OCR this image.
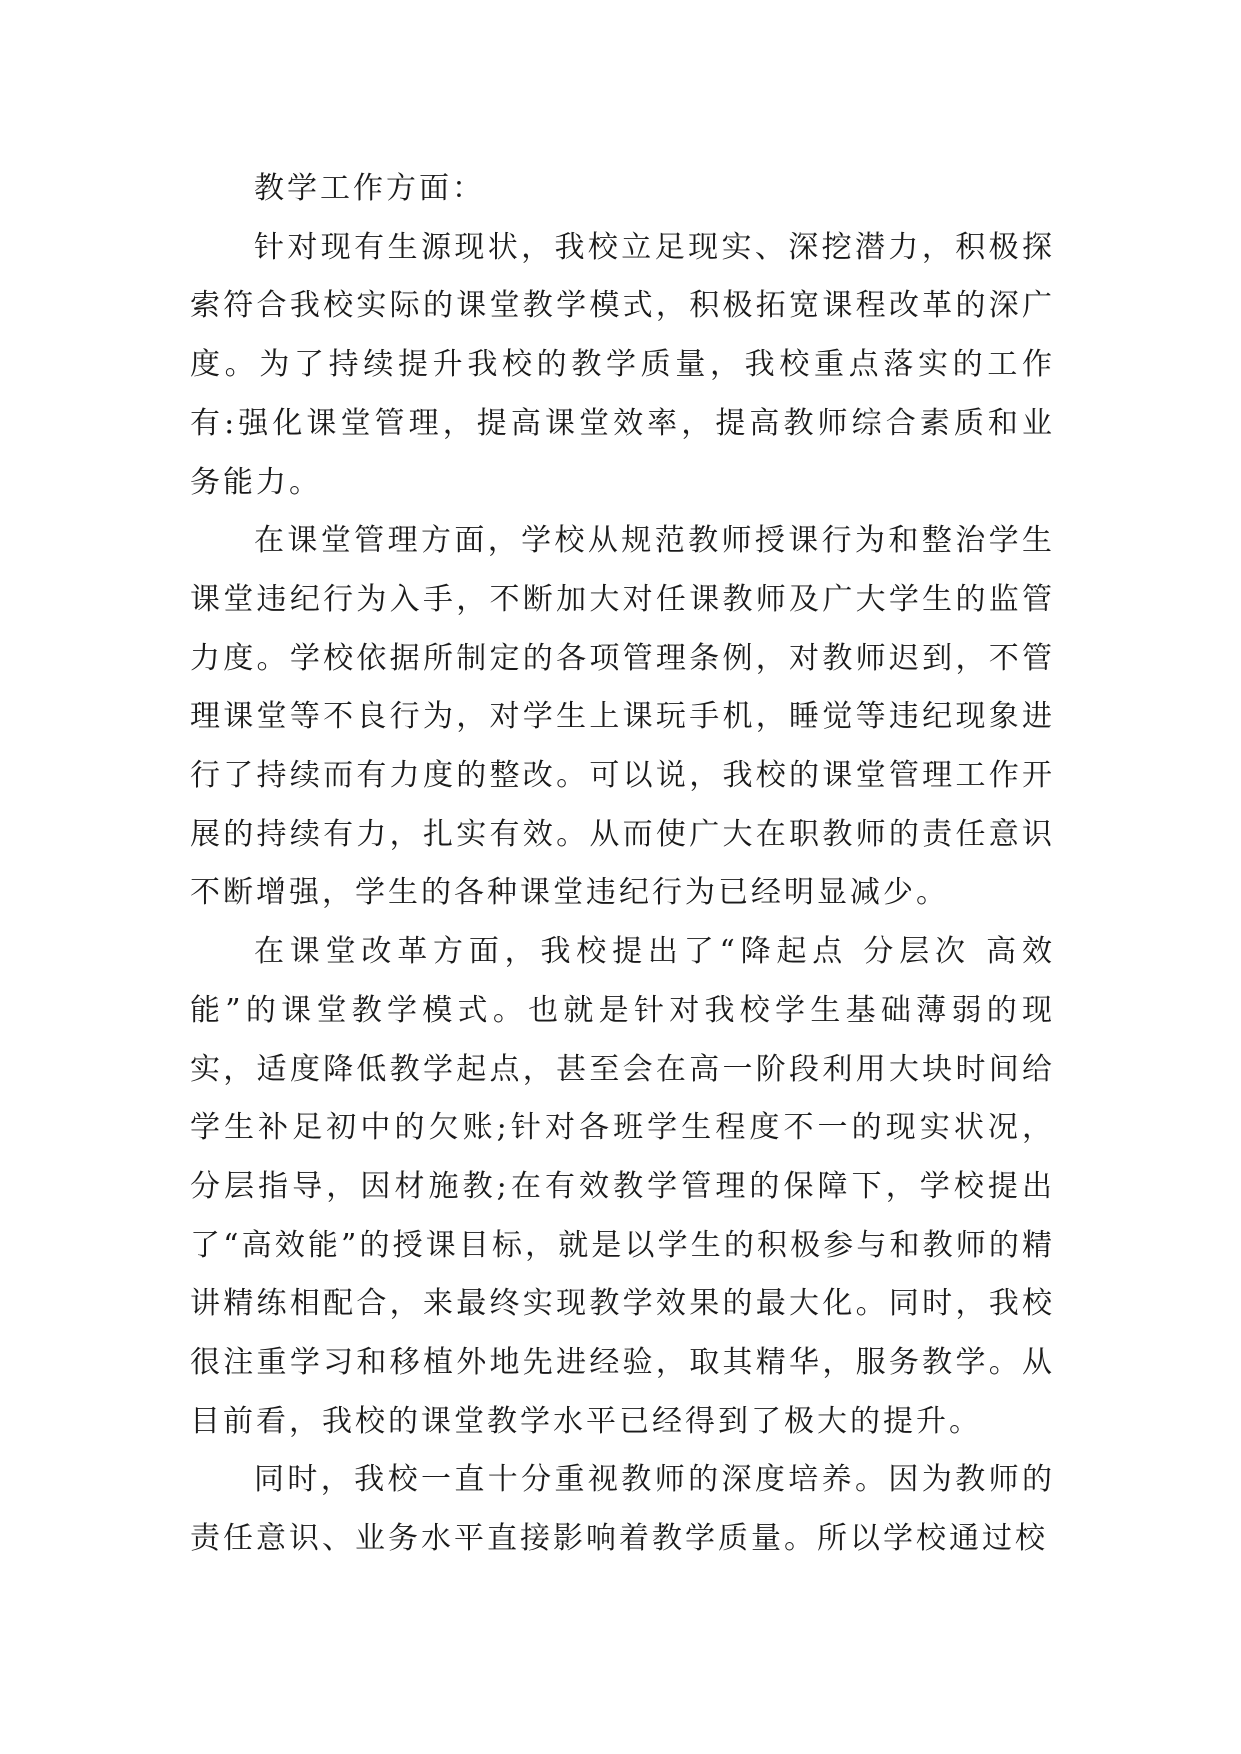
教学工作方面：

针对现有生源现状，我校立足现实、深挖潜力，积极探索符合我校实际的课堂教学模式，积极拓宽课程改革的深广度。为了持续提升我校的教学质量，我校重点落实的工作有:强化课堂管理，提高课堂效率，提高教师综合素质和业务能力。

在课堂管理方面，学校从规范教师授课行为和整治学生课堂违纪行为入手，不断加大对任课教师及广大学生的监管力度。学校依据所制定的各项管理条例，对教师迟到，不管理课堂等不良行为，对学生上课玩手机，睡觉等违纪现象进行了持续而有力度的整改。可以说，我校的课堂管理工作开展的持续有力，扎实有效。从而使广大在职教师的责任意识不断增强，学生的各种课堂违纪行为已经明显减少。

在课堂改革方面，我校提出了“降起点 分层次 高效能”的课堂教学模式。也就是针对我校学生基础薄弱的现实，适度降低教学起点，甚至会在高一阶段利用大块时间给学生补足初中的欠账;针对各班学生程度不一的现实状况，分层指导，因材施教;在有效教学管理的保障下，学校提出了“高效能”的授课目标，就是以学生的积极参与和教师的精讲精练相配合，来最终实现教学效果的最大化。同时，我校很注重学习和移植外地先进经验，取其精华，服务教学。从目前看，我校的课堂教学水平已经得到了极大的提升。

同时，我校一直十分重视教师的深度培养。因为教师的责任意识、业务水平直接影响着教学质量。所以学校通过校
